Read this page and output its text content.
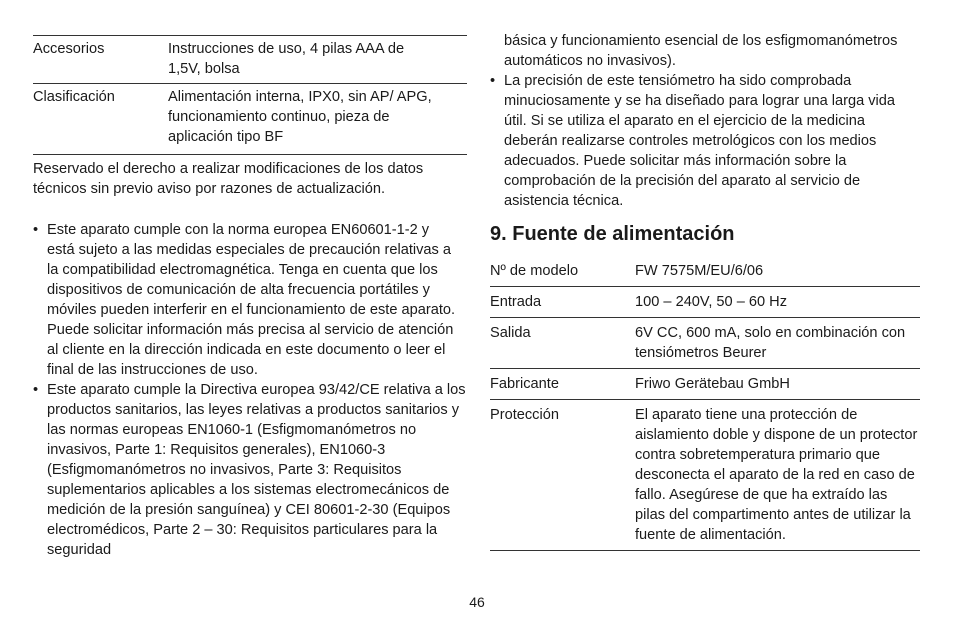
Accesorios	Instrucciones de uso, 4 pilas AAA de 1,5V, bolsa
Clasificación	Alimentación interna, IPX0, sin AP/ APG, funcionamiento continuo, pieza de aplicación tipo BF

Reservado el derecho a realizar modificaciones de los datos técnicos sin previo aviso por razones de actualización.

• Este aparato cumple con la norma europea EN60601-1-2 y está sujeto a las medidas especiales de precaución relativas a la compatibilidad electromagnética. Tenga en cuenta que los dispositivos de comunicación de alta frecuencia portátiles y móviles pueden interferir en el funcionamiento de este aparato. Puede solicitar información más precisa al servicio de atención al cliente en la dirección indicada en este documento o leer el final de las instrucciones de uso.
• Este aparato cumple la Directiva europea 93/42/CE relativa a los productos sanitarios, las leyes relativas a productos sanitarios y las normas europeas EN1060-1 (Esfigmomanómetros no invasivos, Parte 1: Requisitos generales), EN1060-3 (Esfigmomanómetros no invasivos, Parte 3: Requisitos suplementarios aplicables a los sistemas electromecánicos de medición de la presión sanguínea) y CEI 80601-2-30 (Equipos electromédicos, Parte 2 – 30: Requisitos particulares para la seguridad

básica y funcionamiento esencial de los esfigmomanómetros automáticos no invasivos).

• La precisión de este tensiómetro ha sido comprobada minuciosamente y se ha diseñado para lograr una larga vida útil. Si se utiliza el aparato en el ejercicio de la medicina deberán realizarse controles metrológicos con los medios adecuados. Puede solicitar más información sobre la comprobación de la precisión del aparato al servicio de asistencia técnica.
9. Fuente de alimentación
Nº de modelo	FW 7575M/EU/6/06
Entrada	100 – 240V, 50 – 60 Hz
Salida	6V CC, 600 mA, solo en combinación con tensiómetros Beurer
Fabricante	Friwo Gerätebau GmbH
Protección	El aparato tiene una protección de aislamiento doble y dispone de un protector contra sobretemperatura primario que desconecta el aparato de la red en caso de fallo. Asegúrese de que ha extraído las pilas del compartimento antes de utilizar la fuente de alimentación.
46
